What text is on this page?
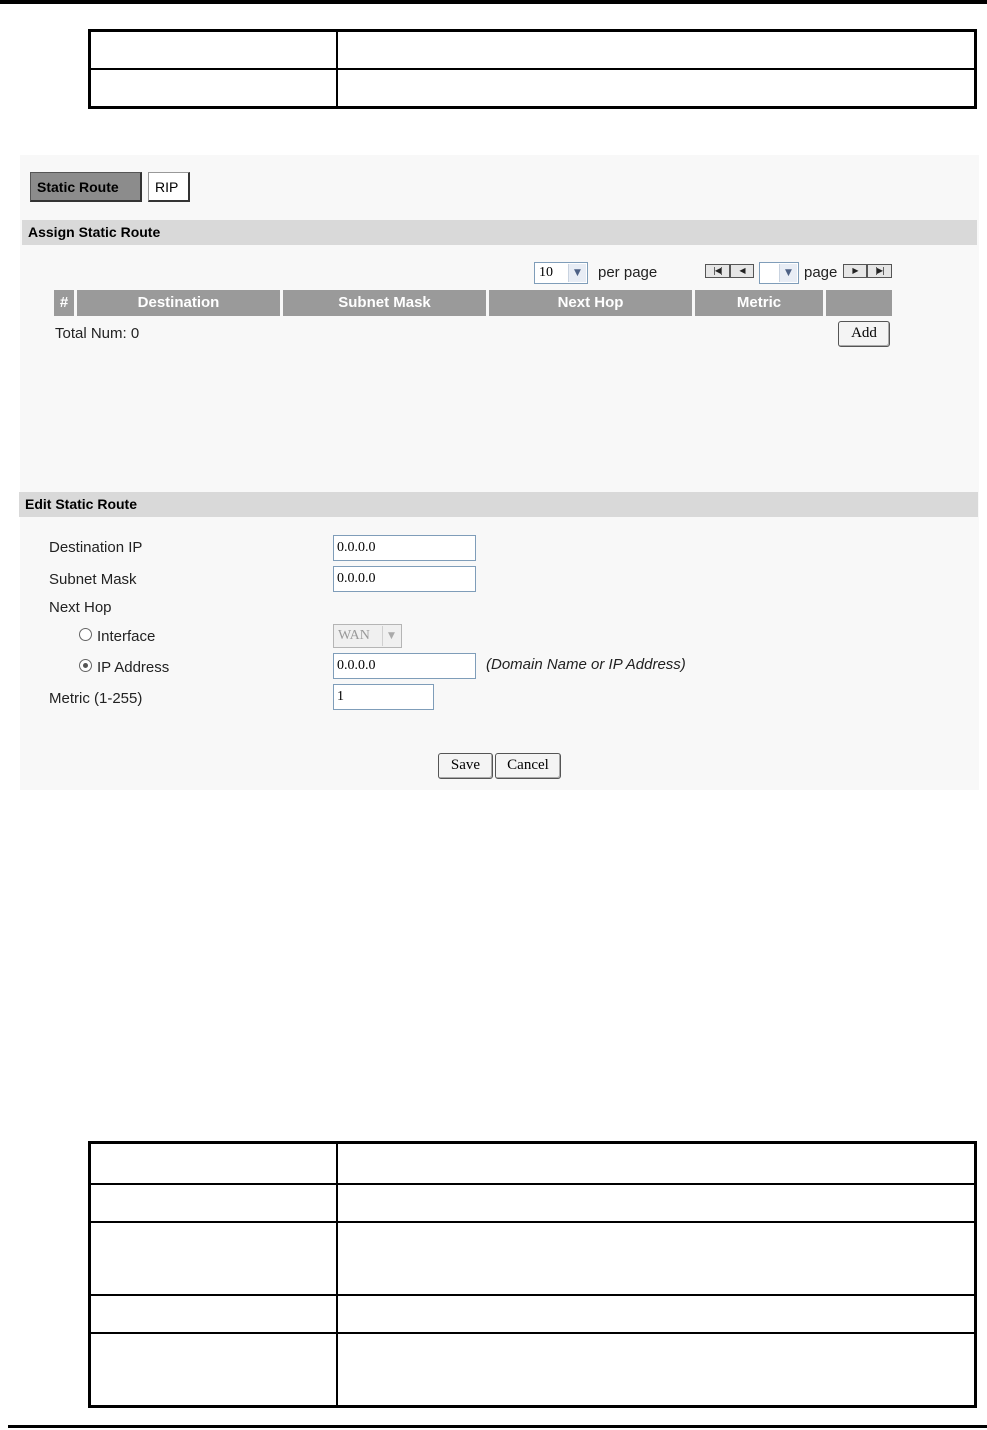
Static Route	RIP
Assign Static Route
10	▼	per page	|◀|	◀	▼ page	▶	|▶|
#	Destination	Subnet Mask	Next Hop	Metric
Total Num: 0	Add
Edit Static Route
Destination IP	0.0.0.0
Subnet Mask	0.0.0.0
Next Hop
Interface	WAN	▼
IP Address	0.0.0.0	(Domain Name or IP Address)
Metric (1-255)	1
Save	Cancel
